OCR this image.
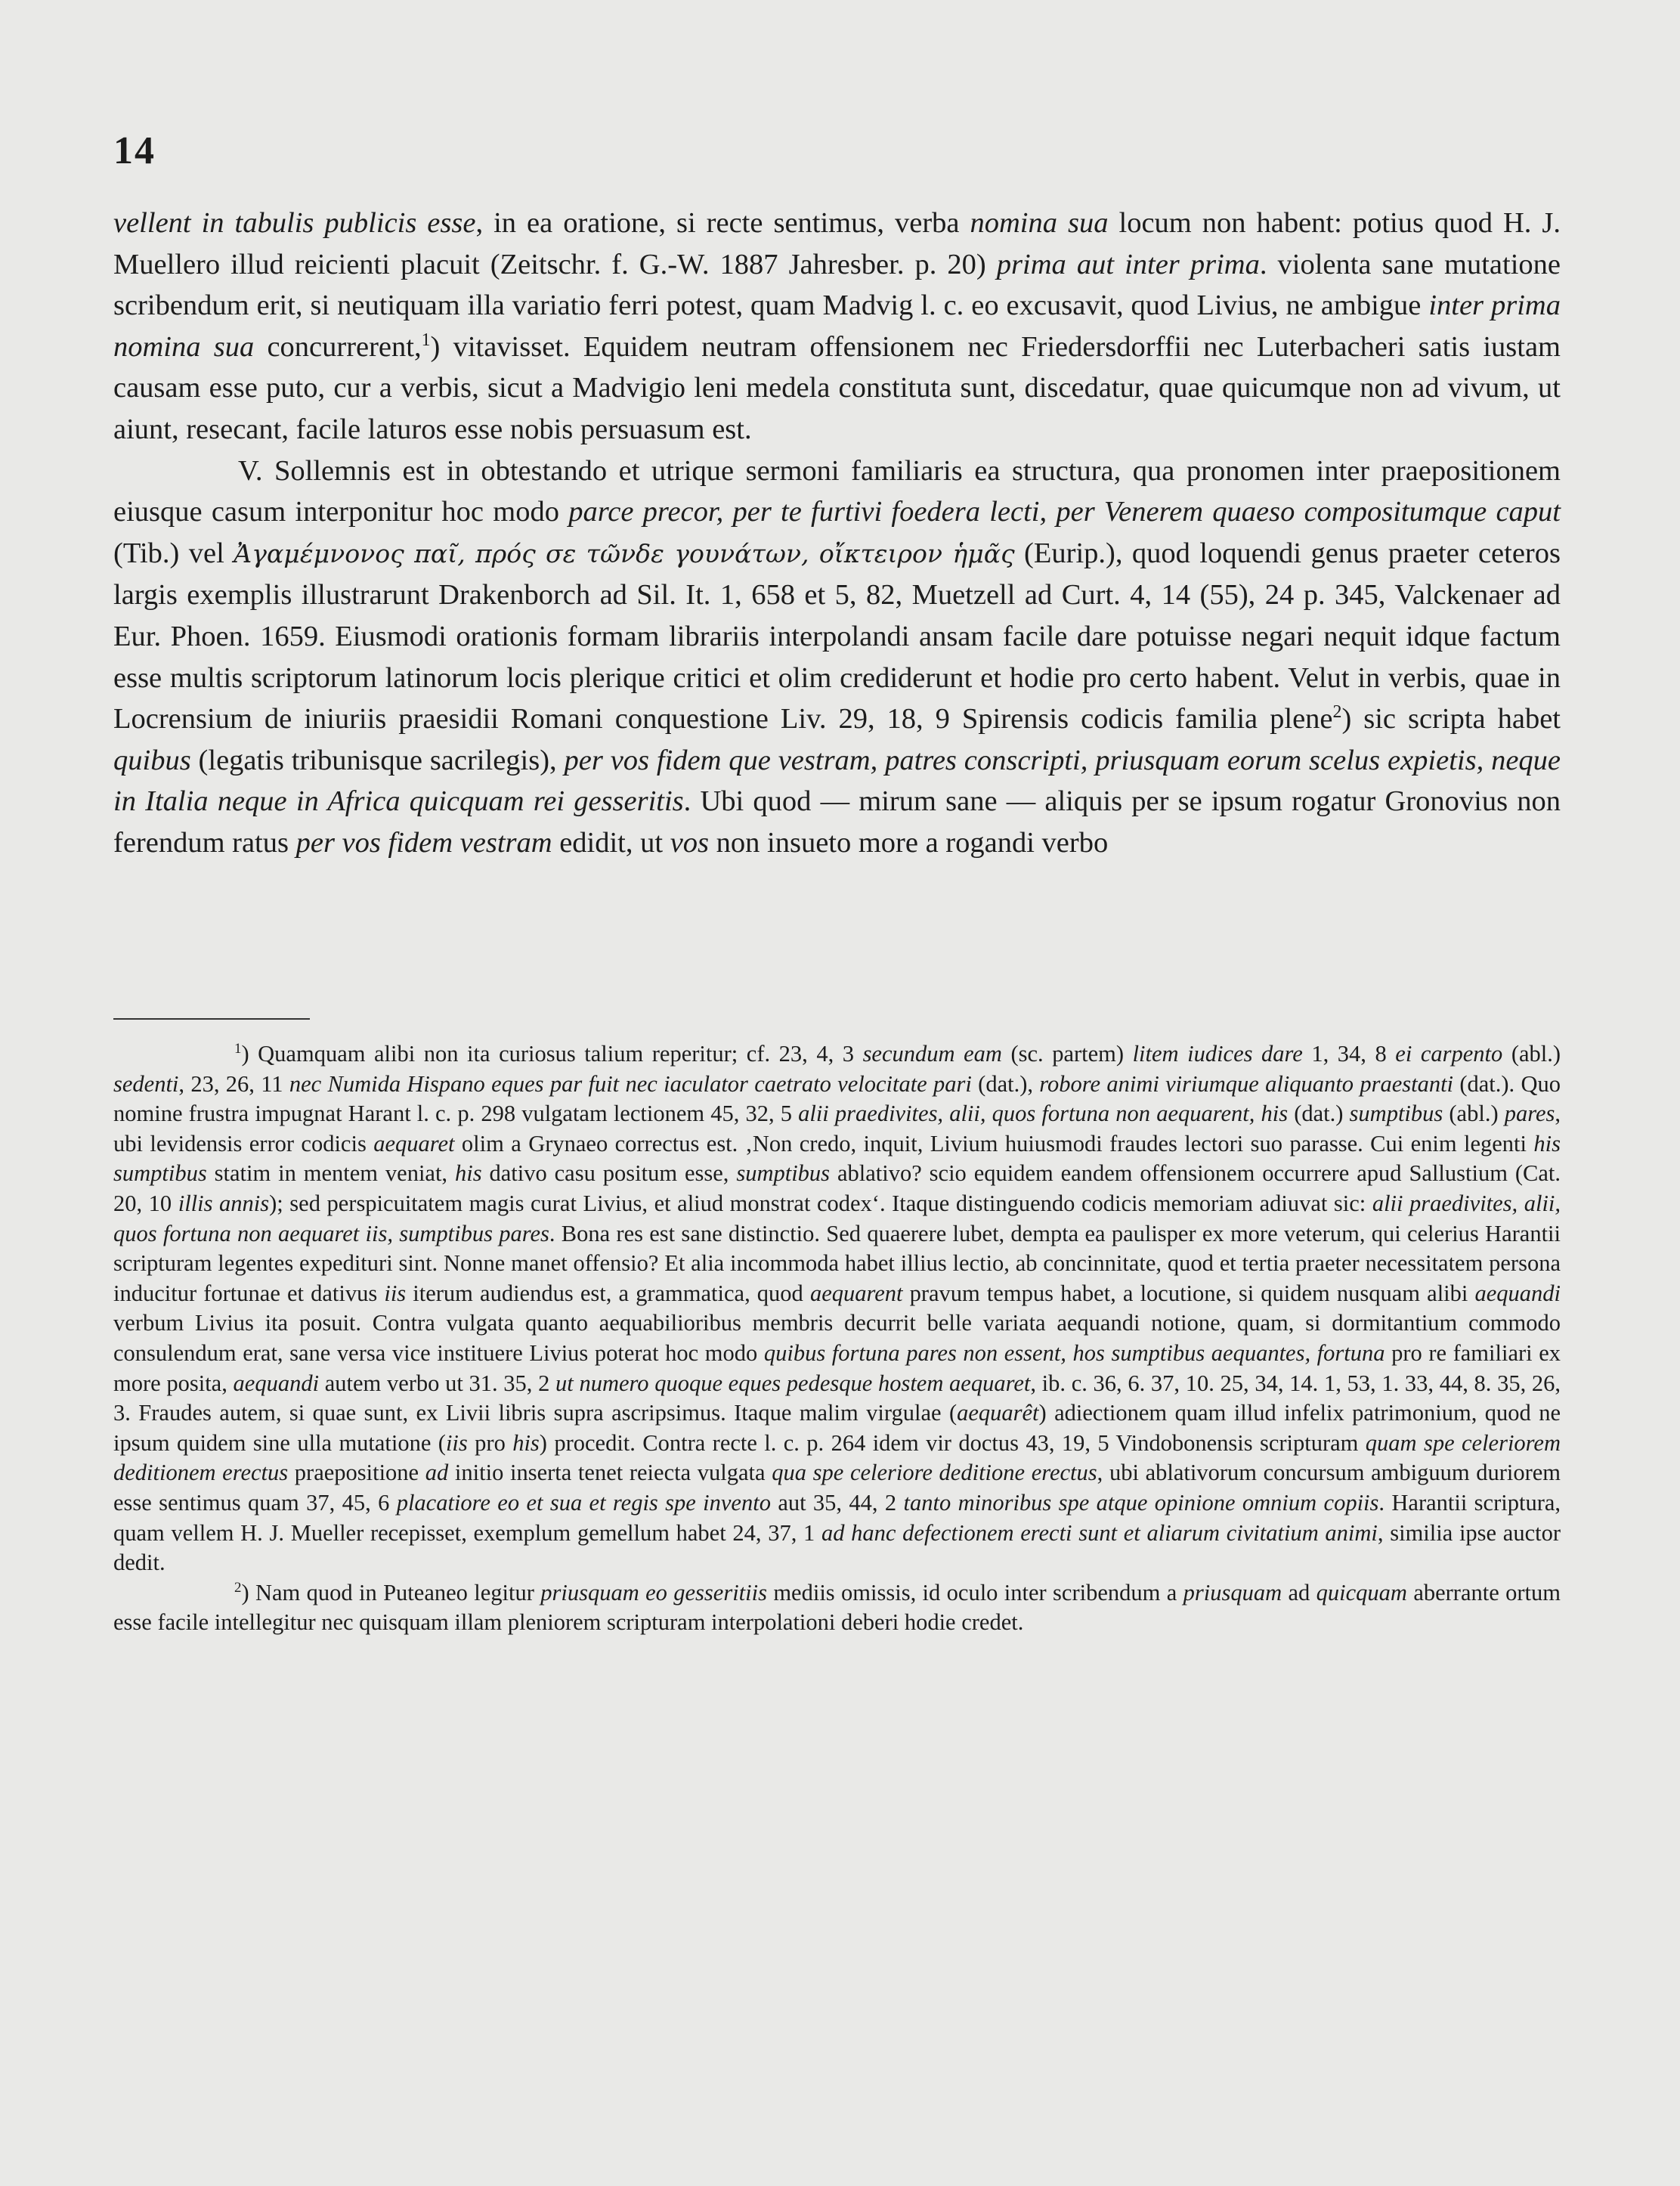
14

vellent in tabulis publicis esse, in ea oratione, si recte sentimus, verba nomina sua locum non habent: potius quod H. J. Muellero illud reicienti placuit (Zeitschr. f. G.-W. 1887 Jahresber. p. 20) prima aut inter prima. violenta sane mutatione scribendum erit, si neutiquam illa variatio ferri potest, quam Madvig l. c. eo excusavit, quod Livius, ne ambigue inter prima nomina sua concurrerent,$^1$) vitavisset. Equidem neutram offensionem nec Friedersdorffii nec Luterbacheri satis iustam causam esse puto, cur a verbis, sicut a Madvigio leni medela constituta sunt, discedatur, quae quicumque non ad vivum, ut aiunt, resecant, facile laturos esse nobis persuasum est.

V. Sollemnis est in obtestando et utrique sermoni familiaris ea structura, qua pronomen inter praepositionem eiusque casum interponitur hoc modo parce precor, per te furtivi foedera lecti, per Venerem quaeso compositumque caput (Tib.) vel Ἀγαμέμνονος παῖ, πρός σε τῶνδε γουνάτων, οἴκτειρον ἡμᾶς (Eurip.), quod loquendi genus praeter ceteros largis exemplis illustrarunt Drakenborch ad Sil. It. 1, 658 et 5, 82, Muetzell ad Curt. 4, 14 (55), 24 p. 345, Valckenaer ad Eur. Phoen. 1659. Eiusmodi orationis formam librariis interpolandi ansam facile dare potuisse negari nequit idque factum esse multis scriptorum latinorum locis plerique critici et olim crediderunt et hodie pro certo habent. Velut in verbis, quae in Locrensium de iniuriis praesidii Romani conquestione Liv. 29, 18, 9 Spirensis codicis familia plene$^2$) sic scripta habet quibus (legatis tribunisque sacrilegis), per vos fidem que vestram, patres conscripti, priusquam eorum scelus expietis, neque in Italia neque in Africa quicquam rei gesseritis. Ubi quod — mirum sane — aliquis per se ipsum rogatur Gronovius non ferendum ratus per vos fidem vestram edidit, ut vos non insueto more a rogandi verbo

$^1$) Quamquam alibi non ita curiosus talium reperitur; cf. 23, 4, 3 secundum eam (sc. partem) litem iudices dare 1, 34, 8 ei carpento (abl.) sedenti, 23, 26, 11 nec Numida Hispano eques par fuit nec iaculator caetrato velocitate pari (dat.), robore animi viriumque aliquanto praestanti (dat.). Quo nomine frustra impugnat Harant l. c. p. 298 vulgatam lectionem 45, 32, 5 alii praedivites, alii, quos fortuna non aequarent, his (dat.) sumptibus (abl.) pares, ubi levidensis error codicis aequaret olim a Grynaeo correctus est. ‚Non credo, inquit, Livium huiusmodi fraudes lectori suo parasse. Cui enim legenti his sumptibus statim in mentem veniat, his dativo casu positum esse, sumptibus ablativo? scio equidem eandem offensionem occurrere apud Sallustium (Cat. 20, 10 illis annis); sed perspicuitatem magis curat Livius, et aliud monstrat codex‘. Itaque distinguendo codicis memoriam adiuvat sic: alii praedivites, alii, quos fortuna non aequaret iis, sumptibus pares. Bona res est sane distinctio. Sed quaerere lubet, dempta ea paulisper ex more veterum, qui celerius Harantii scripturam legentes expedituri sint. Nonne manet offensio? Et alia incommoda habet illius lectio, ab concinnitate, quod et tertia praeter necessitatem persona inducitur fortunae et dativus iis iterum audiendus est, a grammatica, quod aequarent pravum tempus habet, a locutione, si quidem nusquam alibi aequandi verbum Livius ita posuit. Contra vulgata quanto aequabilioribus membris decurrit belle variata aequandi notione, quam, si dormitantium commodo consulendum erat, sane versa vice instituere Livius poterat hoc modo quibus fortuna pares non essent, hos sumptibus aequantes, fortuna pro re familiari ex more posita, aequandi autem verbo ut 31. 35, 2 ut numero quoque eques pedesque hostem aequaret, ib. c. 36, 6. 37, 10. 25, 34, 14. 1, 53, 1. 33, 44, 8. 35, 26, 3. Fraudes autem, si quae sunt, ex Livii libris supra ascripsimus. Itaque malim virgulae (aequarêt) adiectionem quam illud infelix patrimonium, quod ne ipsum quidem sine ulla mutatione (iis pro his) procedit. Contra recte l. c. p. 264 idem vir doctus 43, 19, 5 Vindobonensis scripturam quam spe celeriorem deditionem erectus praepositione ad initio inserta tenet reiecta vulgata qua spe celeriore deditione erectus, ubi ablativorum concursum ambiguum duriorem esse sentimus quam 37, 45, 6 placatiore eo et sua et regis spe invento aut 35, 44, 2 tanto minoribus spe atque opinione omnium copiis. Harantii scriptura, quam vellem H. J. Mueller recepisset, exemplum gemellum habet 24, 37, 1 ad hanc defectionem erecti sunt et aliarum civitatium animi, similia ipse auctor dedit.

$^2$) Nam quod in Puteaneo legitur priusquam eo gesseritiis mediis omissis, id oculo inter scribendum a priusquam ad quicquam aberrante ortum esse facile intellegitur nec quisquam illam pleniorem scripturam interpolationi deberi hodie credet.
